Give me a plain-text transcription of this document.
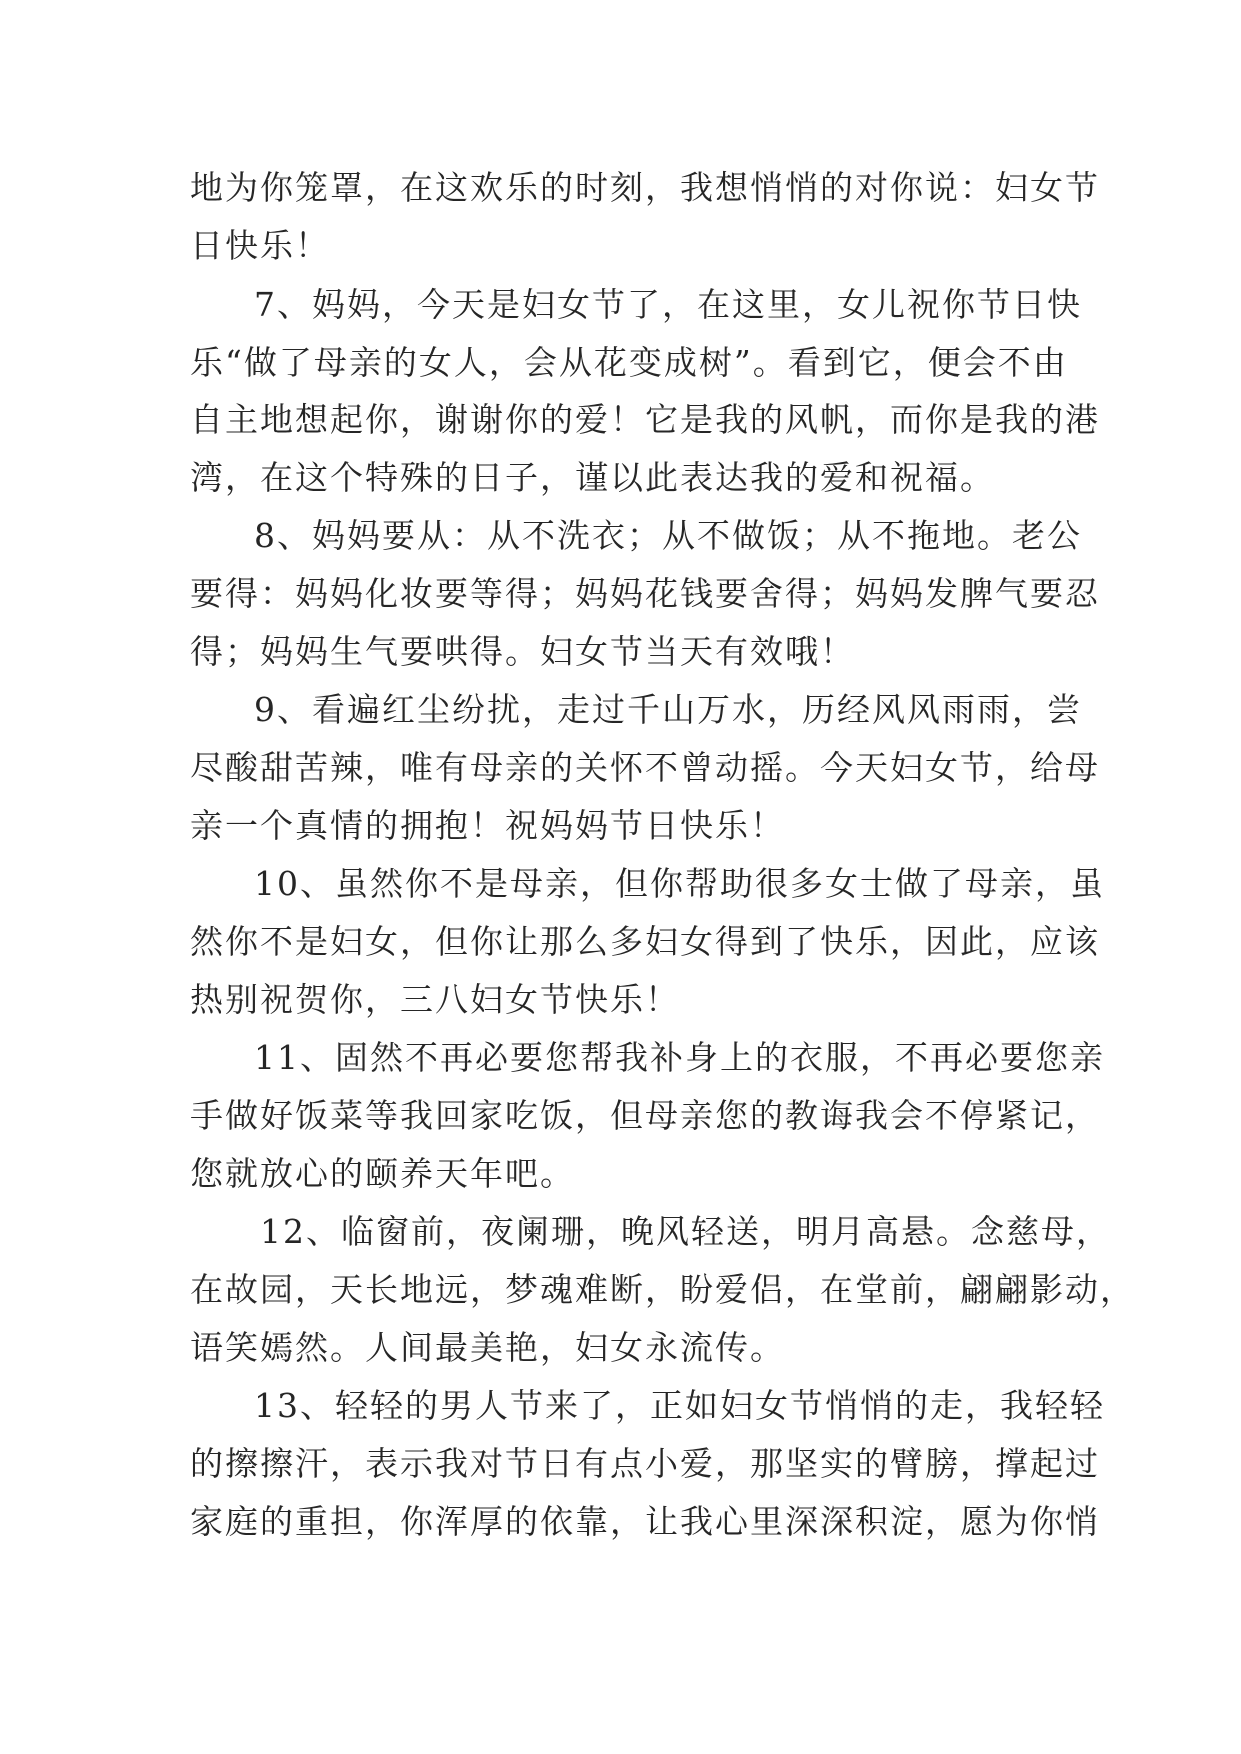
地为你笼罩，在这欢乐的时刻，我想悄悄的对你说：妇女节
日快乐！
7、妈妈，今天是妇女节了，在这里，女儿祝你节日快
乐“做了母亲的女人，会从花变成树”。看到它，便会不由
自主地想起你，谢谢你的爱！它是我的风帆，而你是我的港
湾，在这个特殊的日子，谨以此表达我的爱和祝福。
8、妈妈要从：从不洗衣；从不做饭；从不拖地。老公
要得：妈妈化妆要等得；妈妈花钱要舍得；妈妈发脾气要忍
得；妈妈生气要哄得。妇女节当天有效哦！
9、看遍红尘纷扰，走过千山万水，历经风风雨雨，尝
尽酸甜苦辣，唯有母亲的关怀不曾动摇。今天妇女节，给母
亲一个真情的拥抱！祝妈妈节日快乐！
10、虽然你不是母亲，但你帮助很多女士做了母亲，虽
然你不是妇女，但你让那么多妇女得到了快乐，因此，应该
热别祝贺你，三八妇女节快乐！
11、固然不再必要您帮我补身上的衣服，不再必要您亲
手做好饭菜等我回家吃饭，但母亲您的教诲我会不停紧记，
您就放心的颐养天年吧。
12、临窗前，夜阑珊，晚风轻送，明月高悬。念慈母，
在故园，天长地远，梦魂难断，盼爱侣，在堂前，翩翩影动，
语笑嫣然。人间最美艳，妇女永流传。
13、轻轻的男人节来了，正如妇女节悄悄的走，我轻轻
的擦擦汗，表示我对节日有点小爱，那坚实的臂膀，撑起过
家庭的重担，你浑厚的依靠，让我心里深深积淀，愿为你悄
